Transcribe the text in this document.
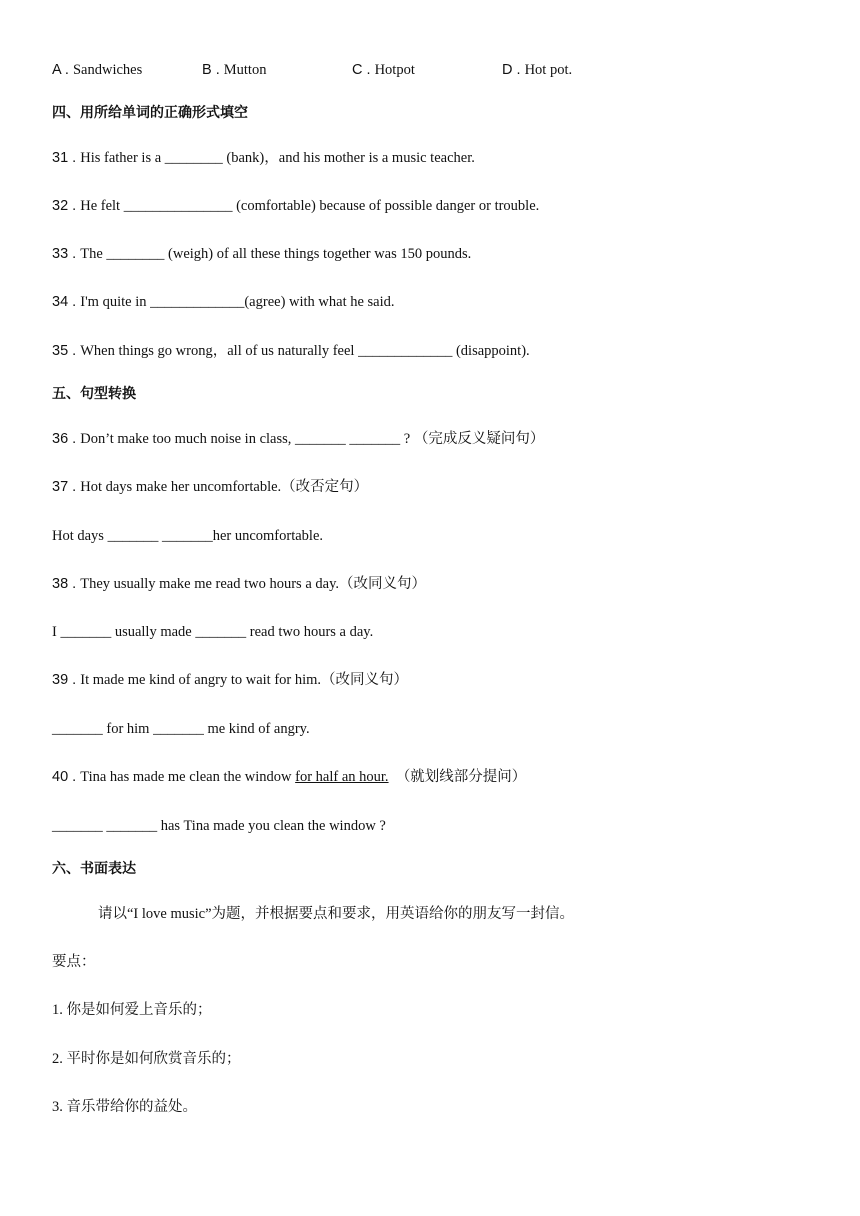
A . Sandwiches	B . Mutton	C . Hotpot	D . Hot pot.
四、用所给单词的正确形式填空
31 . His father is a ________ (bank)，and his mother is a music teacher.
32 . He felt _______________ (comfortable) because of possible danger or trouble.
33 . The ________ (weigh) of all these things together was 150 pounds.
34 . I'm quite in _____________(agree) with what he said.
35 . When things go wrong，all of us naturally feel _____________ (disappoint).
五、句型转换
36 . Don’t make too much noise in class, _______ _______ ? （完成反义疑问句）
37 . Hot days make her uncomfortable.（改否定句）
Hot days _______ _______her uncomfortable.
38 . They usually make me read two hours a day.（改同义句）
I _______ usually made _______ read two hours a day.
39 . It made me kind of angry to wait for him.（改同义句）
_______ for him _______ me kind of angry.
40 . Tina has made me clean the window for half an hour. （就划线部分提问）
_______ _______ has Tina made you clean the window ?
六、书面表达
请以“I love music”为题，并根据要点和要求，用英语给你的朋友写一封信。
要点：
1. 你是如何爱上音乐的；
2. 平时你是如何欣赏音乐的；
3. 音乐带给你的益处。
